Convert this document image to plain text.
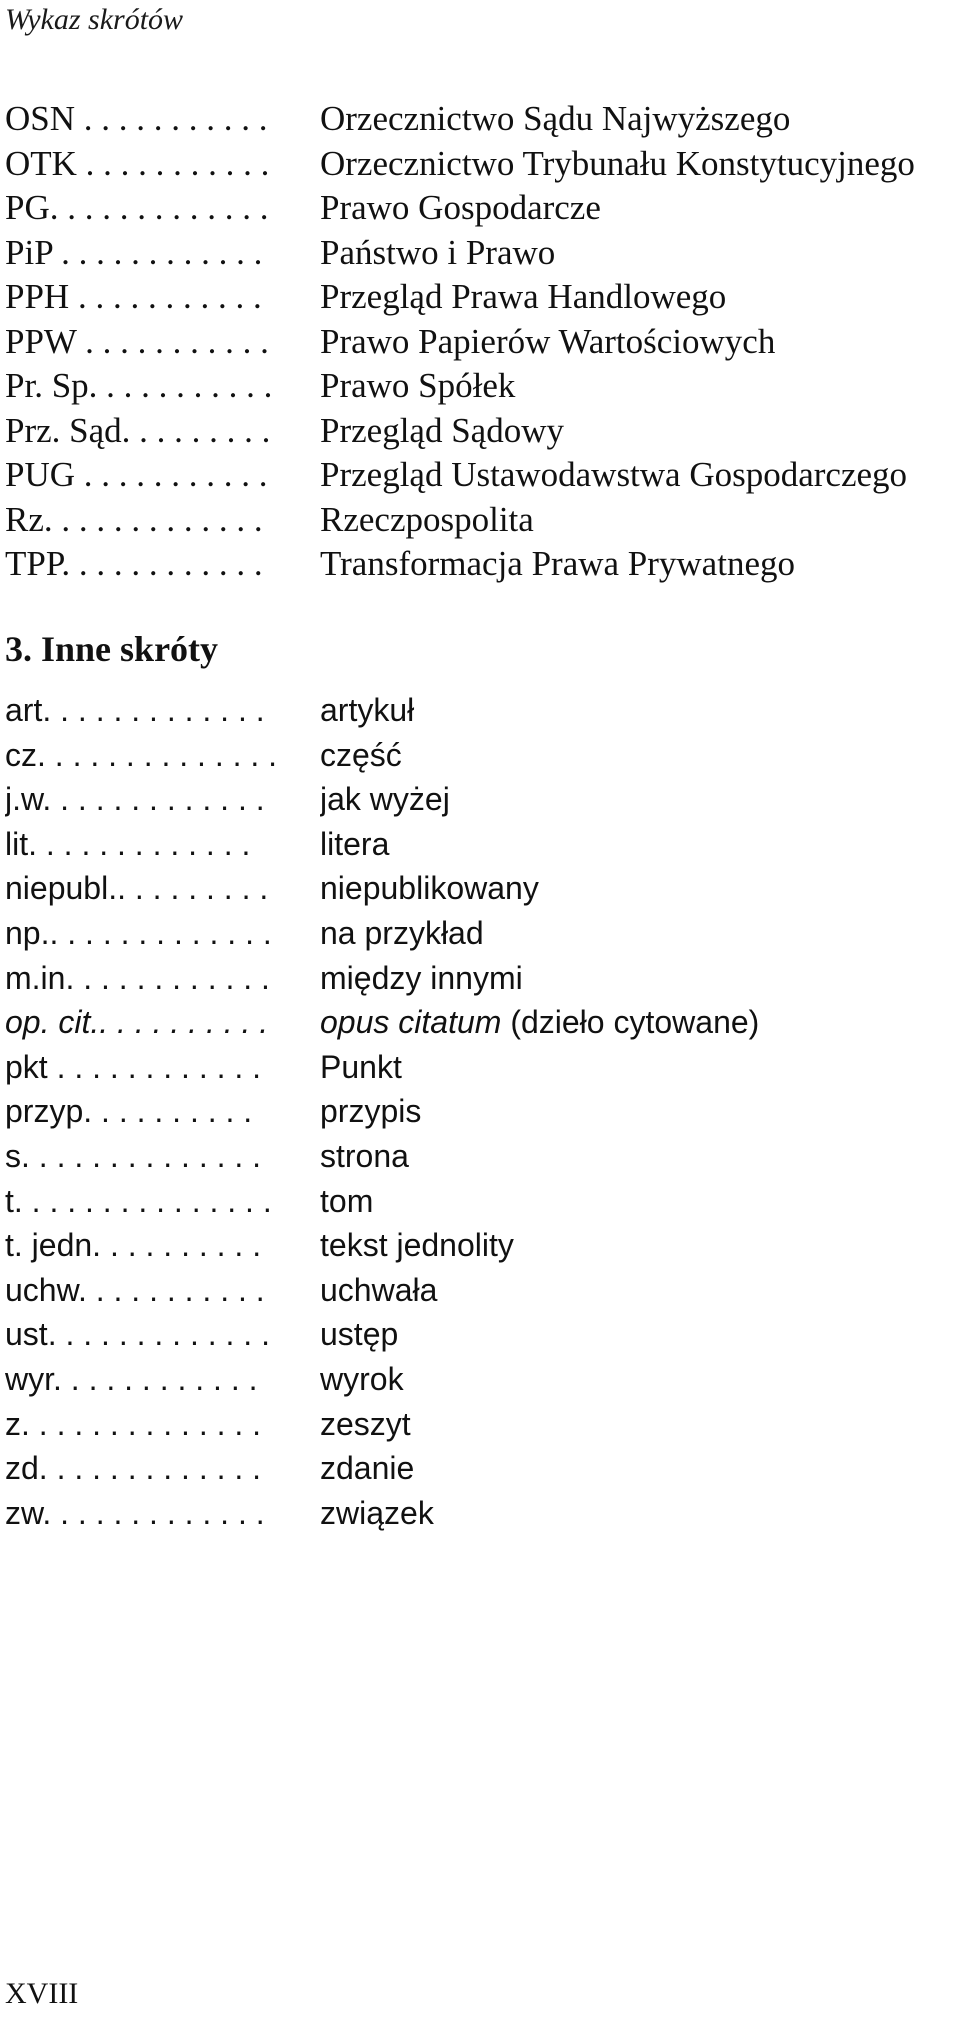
Wykaz skrótów
OSN . . . . . . . . . . .	Orzecznictwo Sądu Najwyższego
OTK . . . . . . . . . . .	Orzecznictwo Trybunału Konstytucyjnego
PG. . . . . . . . . . . . .	Prawo Gospodarcze
PiP . . . . . . . . . . . .	Państwo i Prawo
PPH . . . . . . . . . . .	Przegląd Prawa Handlowego
PPW . . . . . . . . . . .	Prawo Papierów Wartościowych
Pr. Sp. . . . . . . . . . .	Prawo Spółek
Prz. Sąd. . . . . . . . .	Przegląd Sądowy
PUG . . . . . . . . . . .	Przegląd Ustawodawstwa Gospodarczego
Rz. . . . . . . . . . . . .	Rzeczpospolita
TPP. . . . . . . . . . . .	Transformacja Prawa Prywatnego
3. Inne skróty
art. . . . . . . . . . . . .	artykuł
cz. . . . . . . . . . . . . .	część
j.w. . . . . . . . . . . . .	jak wyżej
lit. . . . . . . . . . . . .	litera
niepubl.. . . . . . . . .	niepublikowany
np.. . . . . . . . . . . . .	na przykład
m.in. . . . . . . . . . . .	między innymi
op. cit.. . . . . . . . . .	opus citatum (dzieło cytowane)
pkt . . . . . . . . . . . .	Punkt
przyp. . . . . . . . . .	przypis
s. . . . . . . . . . . . . .	strona
t. . . . . . . . . . . . . . .	tom
t. jedn. . . . . . . . . .	tekst jednolity
uchw. . . . . . . . . . .	uchwała
ust. . . . . . . . . . . . .	ustęp
wyr. . . . . . . . . . . .	wyrok
z. . . . . . . . . . . . . .	zeszyt
zd. . . . . . . . . . . . .	zdanie
zw. . . . . . . . . . . . .	związek
XVIII
